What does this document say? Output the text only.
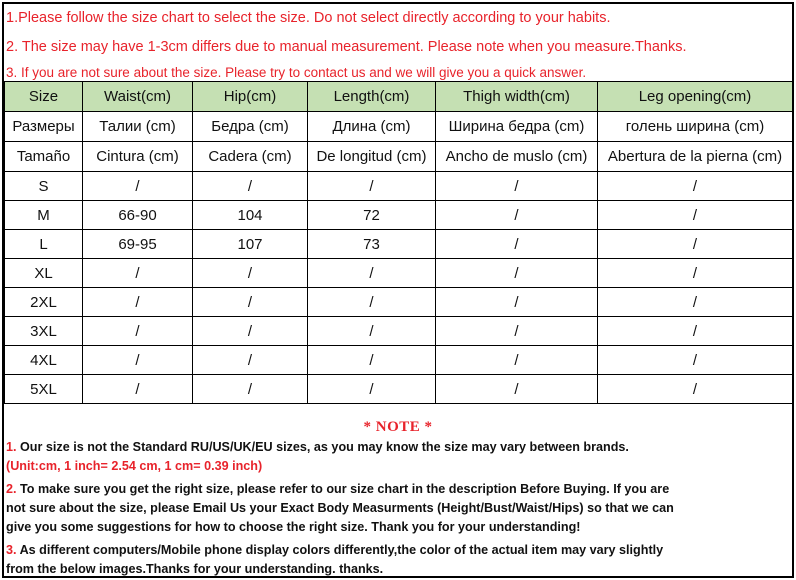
1.Please follow the size chart to select the size. Do not select directly according to your habits.
2. The size may have 1-3cm differs due to manual measurement. Please note when you measure.Thanks.
3. If you are not sure about the size. Please try to contact us and we will give you a quick answer.
Size	Waist(cm)	Hip(cm)	Length(cm)	Thigh width(cm)	Leg opening(cm)
Размеры	Талии (cm)	Бедра (cm)	Длина (cm)	Ширина бедра (cm)	голень ширина (cm)
Tamaño	Cintura (cm)	Cadera (cm)	De longitud (cm)	Ancho de muslo (cm)	Abertura de la pierna (cm)
S	/	/	/	/	/
M	66-90	104	72	/	/
L	69-95	107	73	/	/
XL	/	/	/	/	/
2XL	/	/	/	/	/
3XL	/	/	/	/	/
4XL	/	/	/	/	/
5XL	/	/	/	/	/
* NOTE *
1. Our size is not the Standard RU/US/UK/EU sizes, as you may know the size may vary between brands.
(Unit:cm, 1 inch= 2.54 cm, 1 cm= 0.39 inch)
2. To make sure you get the right size, please refer to our size chart in the description Before Buying. If you are
not sure about the size, please Email Us your Exact Body Measurments (Height/Bust/Waist/Hips) so that we can
give you some suggestions for how to choose the right size. Thank you for your understanding!
3. As different computers/Mobile phone display colors differently,the color of the actual item may vary slightly
from the below images.Thanks for your understanding. thanks.
